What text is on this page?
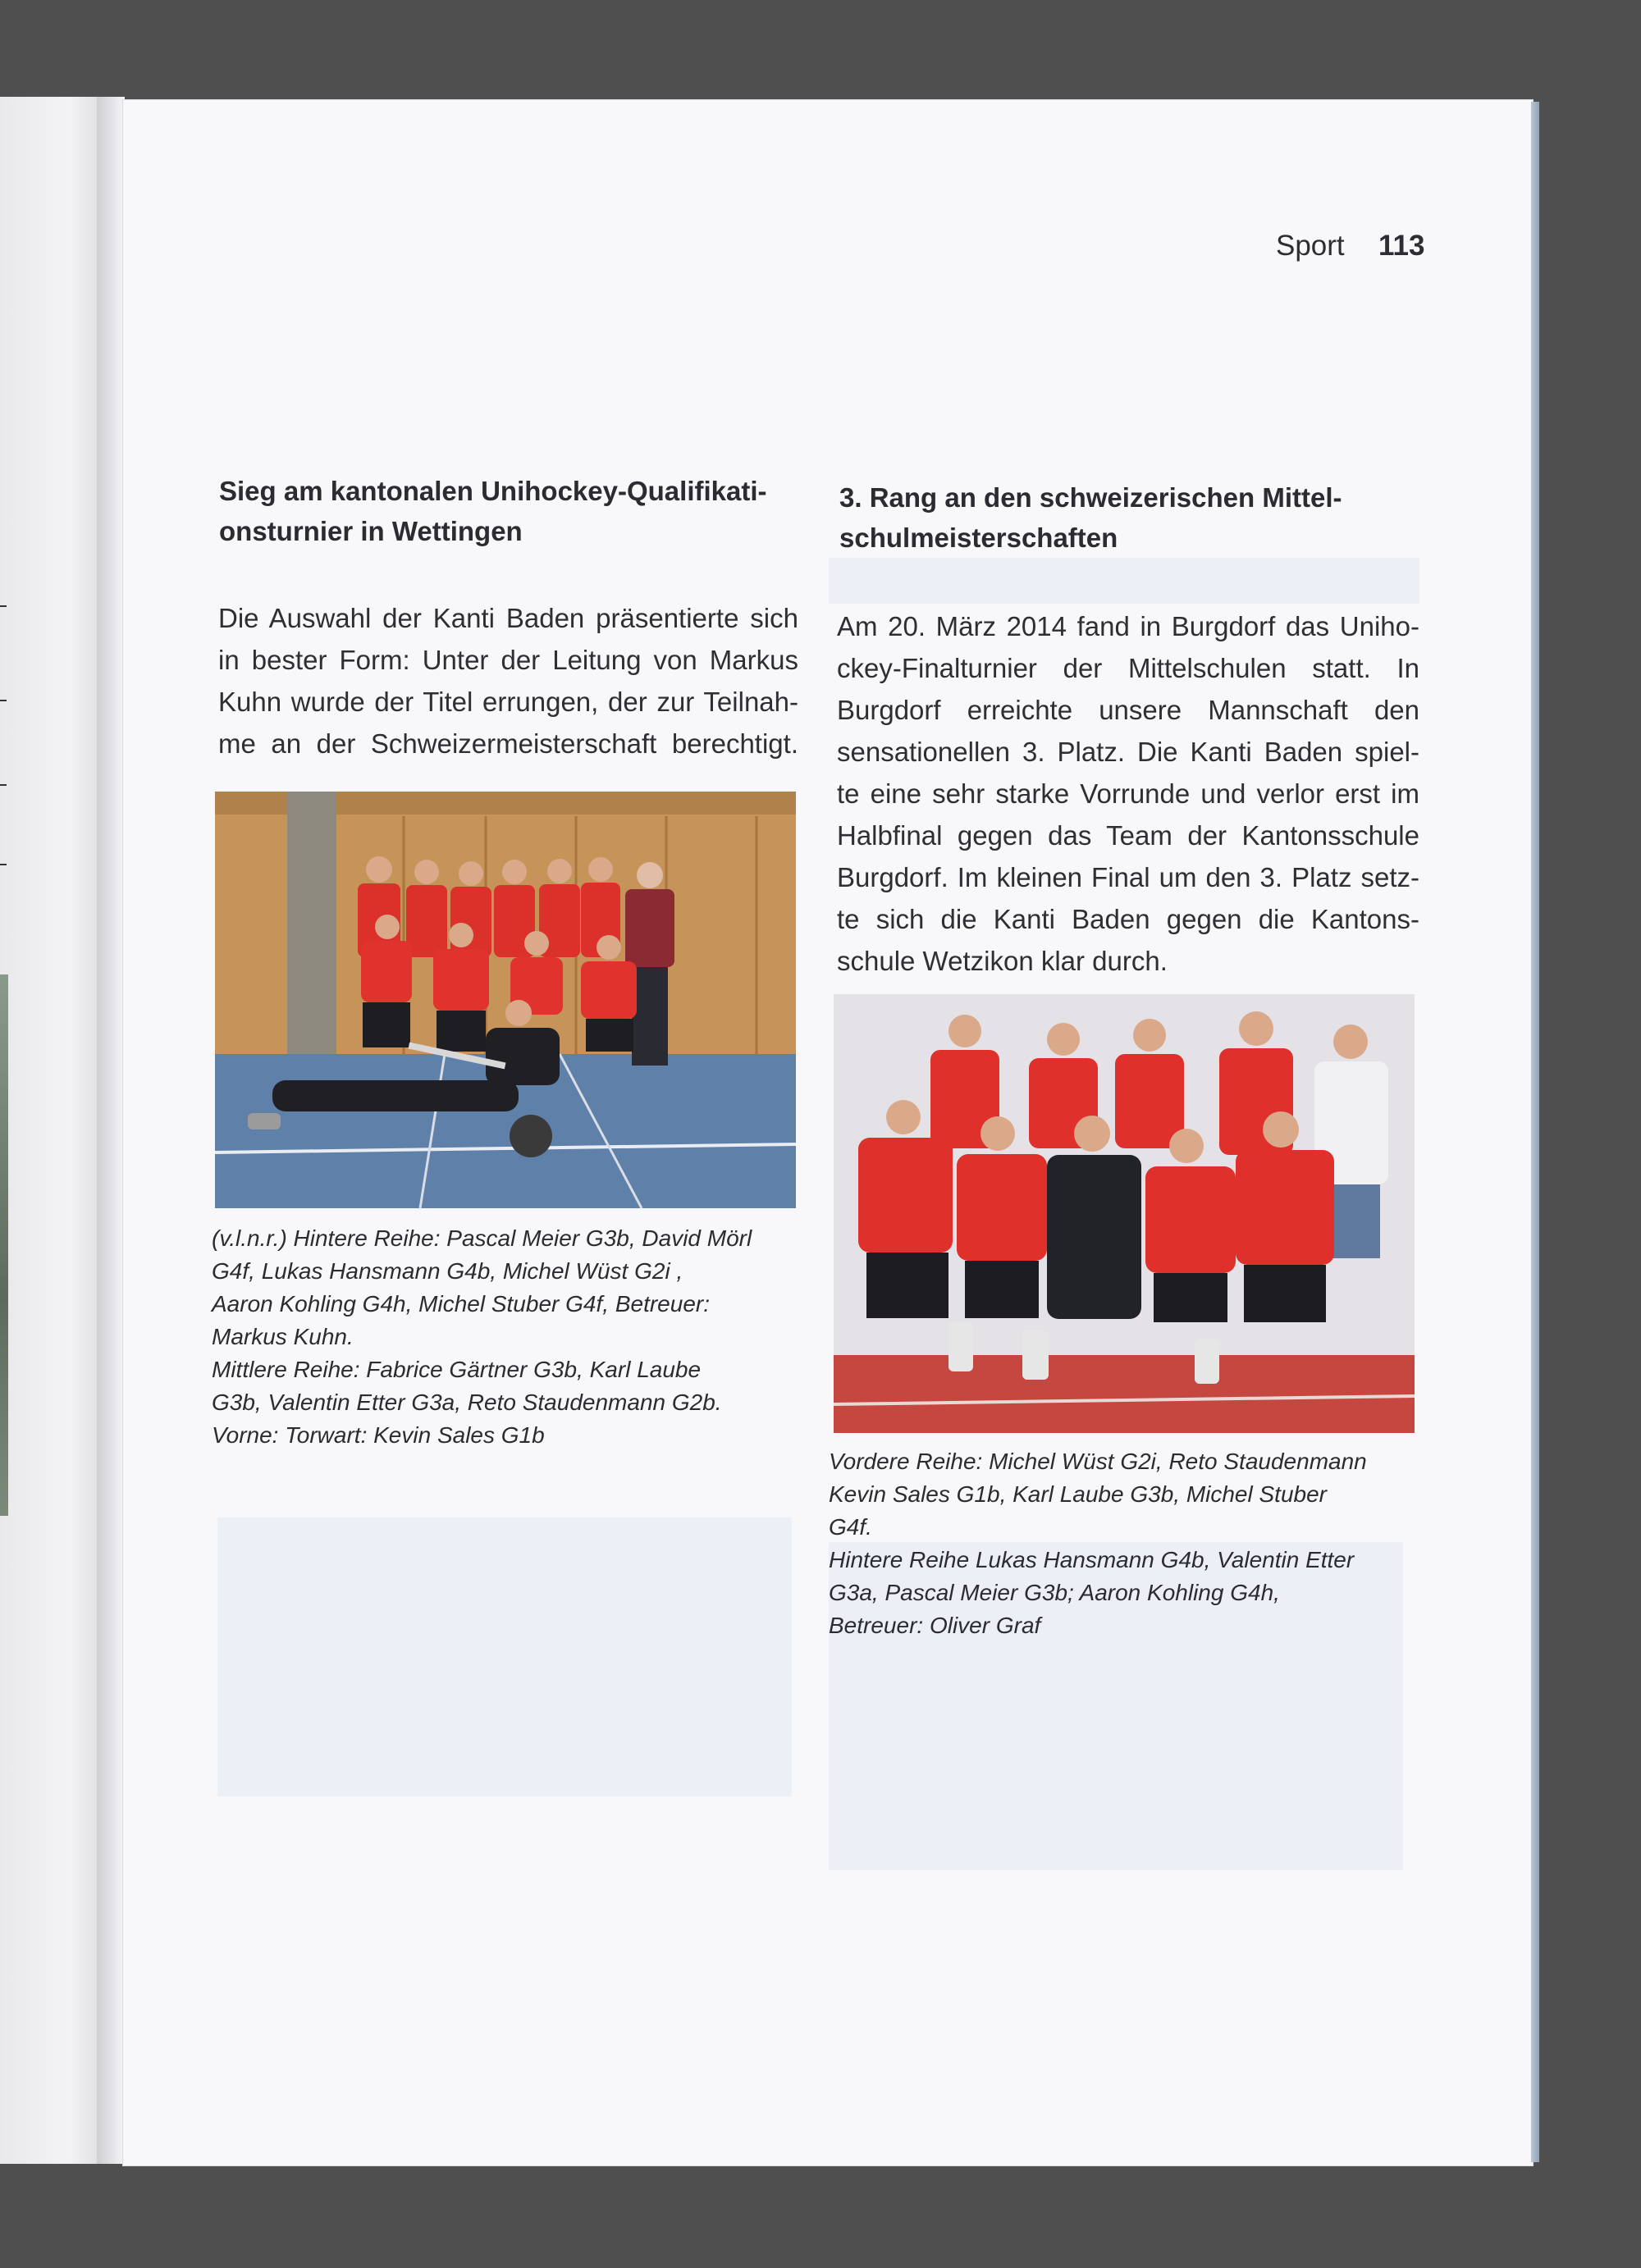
Sport	113
Sieg am kantonalen Unihockey-Qualifikati-
onsturnier in Wettingen
Die Auswahl der Kanti Baden präsentierte sich
in bester Form: Unter der Leitung von Markus
Kuhn wurde der Titel errungen, der zur Teilnah-
me an der Schweizermeisterschaft berechtigt.
(v.l.n.r.) Hintere Reihe: Pascal Meier G3b, David Mörl
G4f, Lukas Hansmann G4b, Michel Wüst G2i ,
Aaron Kohling G4h, Michel Stuber G4f, Betreuer:
Markus Kuhn.
Mittlere Reihe: Fabrice Gärtner G3b, Karl Laube
G3b, Valentin Etter G3a, Reto Staudenmann G2b.
Vorne: Torwart: Kevin Sales G1b
3. Rang an den schweizerischen Mittel-
schulmeisterschaften
Am 20. März 2014 fand in Burgdorf das Uniho-
ckey-Finalturnier der Mittelschulen statt. In
Burgdorf erreichte unsere Mannschaft den
sensationellen 3. Platz. Die Kanti Baden spiel-
te eine sehr starke Vorrunde und verlor erst im
Halbfinal gegen das Team der Kantonsschule
Burgdorf. Im kleinen Final um den 3. Platz setz-
te sich die Kanti Baden gegen die Kantons-
schule Wetzikon klar durch.
Vordere Reihe: Michel Wüst G2i, Reto Staudenmann
Kevin Sales G1b, Karl Laube G3b, Michel Stuber
G4f.
Hintere Reihe Lukas Hansmann G4b, Valentin Etter
G3a, Pascal Meier G3b; Aaron Kohling G4h,
Betreuer: Oliver Graf
